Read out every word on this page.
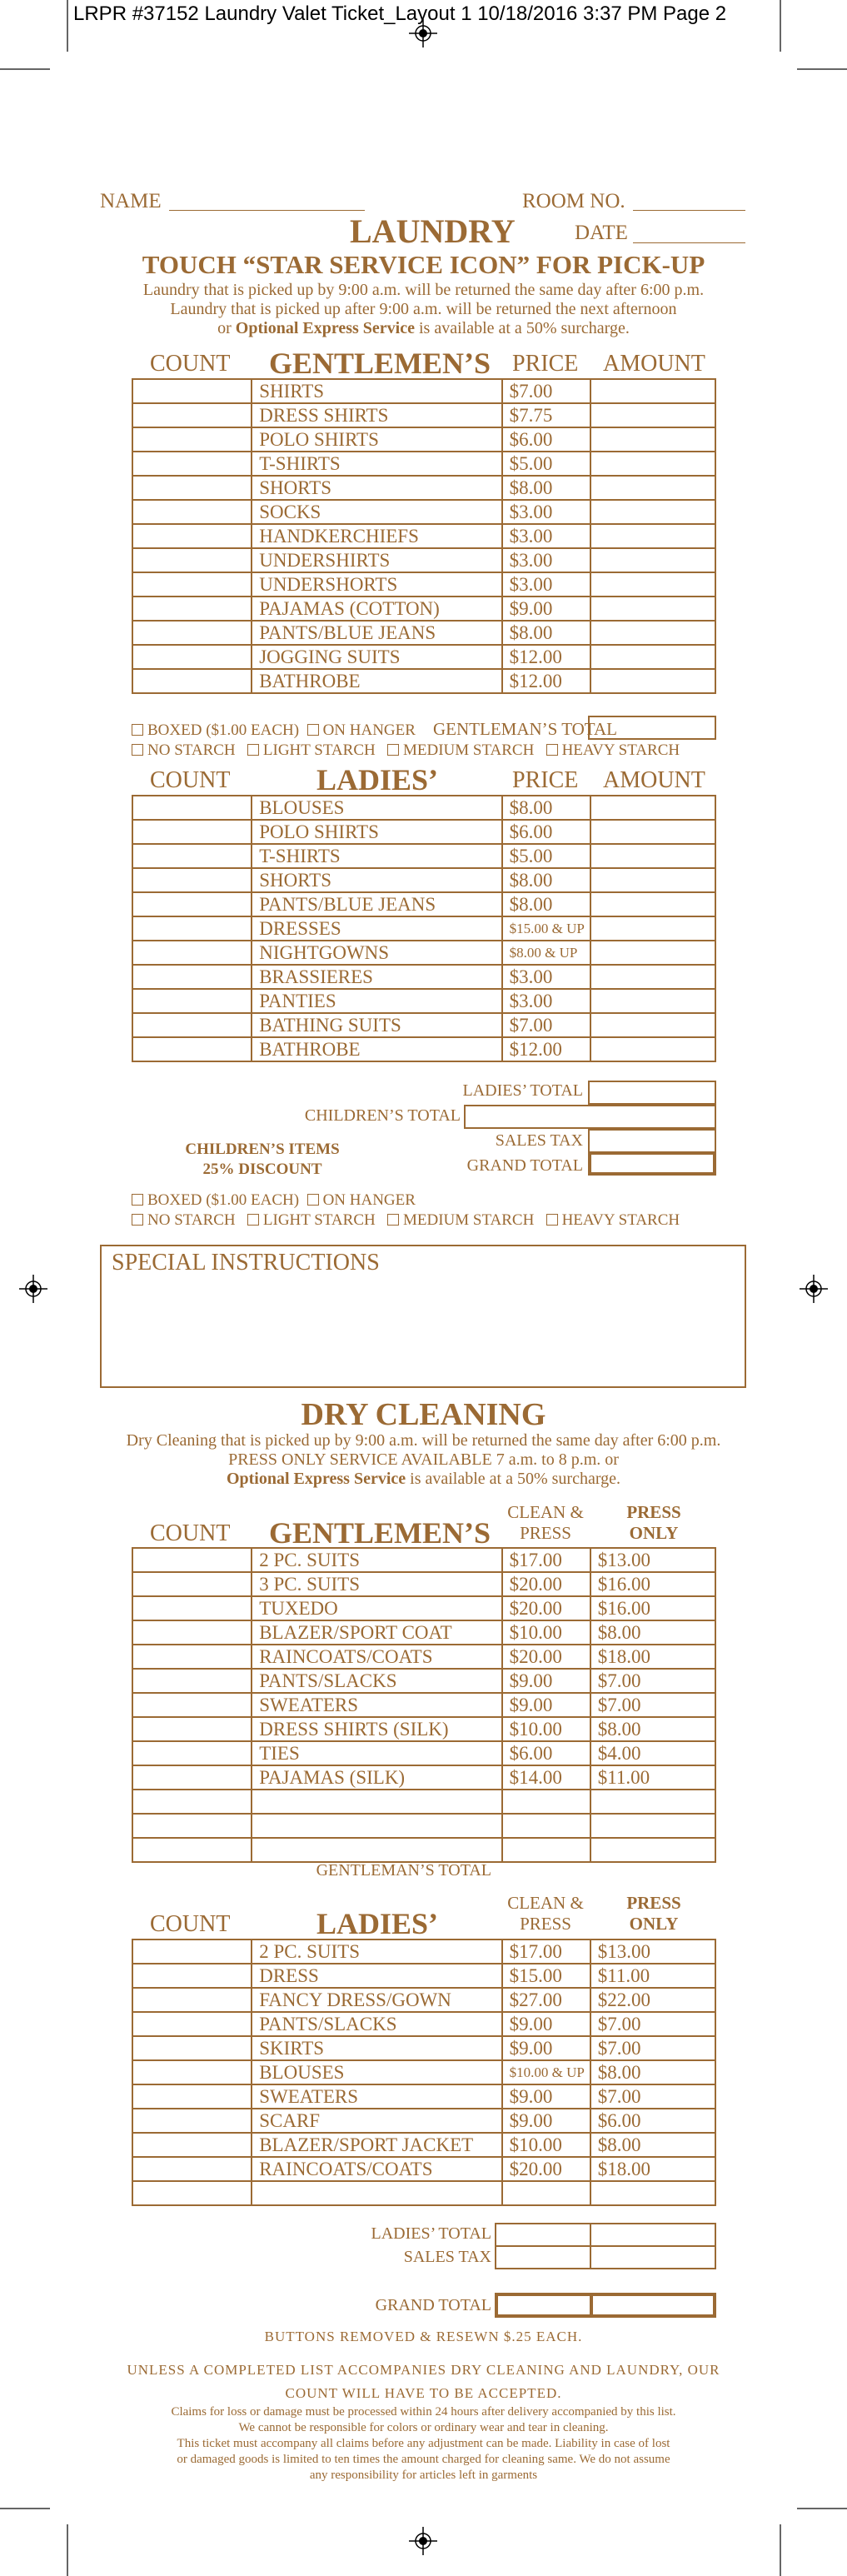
LRPR #37152 Laundry Valet Ticket_Layout 1 10/18/2016 3:37 PM Page 2
NAME	ROOM NO.
LAUNDRY	DATE
TOUCH “STAR SERVICE ICON” FOR PICK-UP
Laundry that is picked up by 9:00 a.m. will be returned the same day after 6:00 p.m.
Laundry that is picked up after 9:00 a.m. will be returned the next afternoon
or Optional Express Service is available at a 50% surcharge.
COUNT GENTLEMEN’S PRICE AMOUNT
	SHIRTS	$7.00	
	DRESS SHIRTS	$7.75	
	POLO SHIRTS	$6.00	
	T-SHIRTS	$5.00	
	SHORTS	$8.00	
	SOCKS	$3.00	
	HANDKERCHIEFS	$3.00	
	UNDERSHIRTS	$3.00	
	UNDERSHORTS	$3.00	
	PAJAMAS (COTTON)	$9.00	
	PANTS/BLUE JEANS	$8.00	
	JOGGING SUITS	$12.00	
	BATHROBE	$12.00	
BOXED ($1.00 EACH) ON HANGER GENTLEMAN’S TOTAL
NO STARCH LIGHT STARCH MEDIUM STARCH HEAVY STARCH
COUNT	LADIES’	PRICE AMOUNT
	BLOUSES	$8.00	
	POLO SHIRTS	$6.00	
	T-SHIRTS	$5.00	
	SHORTS	$8.00	
	PANTS/BLUE JEANS	$8.00	
	DRESSES	$15.00 & UP	
	NIGHTGOWNS	$8.00 & UP	
	BRASSIERES	$3.00	
	PANTIES	$3.00	
	BATHING SUITS	$7.00	
	BATHROBE	$12.00	
LADIES’ TOTAL
CHILDREN’S TOTAL
CHILDREN’S ITEMS
25% DISCOUNT
SALES TAX
GRAND TOTAL
BOXED ($1.00 EACH) ON HANGER
NO STARCH LIGHT STARCH MEDIUM STARCH HEAVY STARCH
SPECIAL INSTRUCTIONS
DRY CLEANING
Dry Cleaning that is picked up by 9:00 a.m. will be returned the same day after 6:00 p.m.
PRESS ONLY SERVICE AVAILABLE 7 a.m. to 8 p.m. or
Optional Express Service is available at a 50% surcharge.
COUNT GENTLEMEN’S
CLEAN &
PRESS
PRESS
ONLY
	2 PC. SUITS	$17.00	$13.00
	3 PC. SUITS	$20.00	$16.00
	TUXEDO	$20.00	$16.00
	BLAZER/SPORT COAT	$10.00	$8.00
	RAINCOATS/COATS	$20.00	$18.00
	PANTS/SLACKS	$9.00	$7.00
	SWEATERS	$9.00	$7.00
	DRESS SHIRTS (SILK)	$10.00	$8.00
	TIES	$6.00	$4.00
	PAJAMAS (SILK)	$14.00	$11.00

GENTLEMAN’S TOTAL
COUNT	LADIES’
CLEAN &
PRESS
PRESS
ONLY
	2 PC. SUITS	$17.00	$13.00
	DRESS	$15.00	$11.00
	FANCY DRESS/GOWN	$27.00	$22.00
	PANTS/SLACKS	$9.00	$7.00
	SKIRTS	$9.00	$7.00
	BLOUSES	$10.00 & UP	$8.00
	SWEATERS	$9.00	$7.00
	SCARF	$9.00	$6.00
	BLAZER/SPORT JACKET	$10.00	$8.00
	RAINCOATS/COATS	$20.00	$18.00

LADIES’ TOTAL
SALES TAX
GRAND TOTAL
BUTTONS REMOVED & RESEWN $.25 EACH.
UNLESS A COMPLETED LIST ACCOMPANIES DRY CLEANING AND LAUNDRY, OUR
COUNT WILL HAVE TO BE ACCEPTED.
Claims for loss or damage must be processed within 24 hours after delivery accompanied by this list.
We cannot be responsible for colors or ordinary wear and tear in cleaning.
This ticket must accompany all claims before any adjustment can be made. Liability in case of lost
or damaged goods is limited to ten times the amount charged for cleaning same. We do not assume
any responsibility for articles left in garments
